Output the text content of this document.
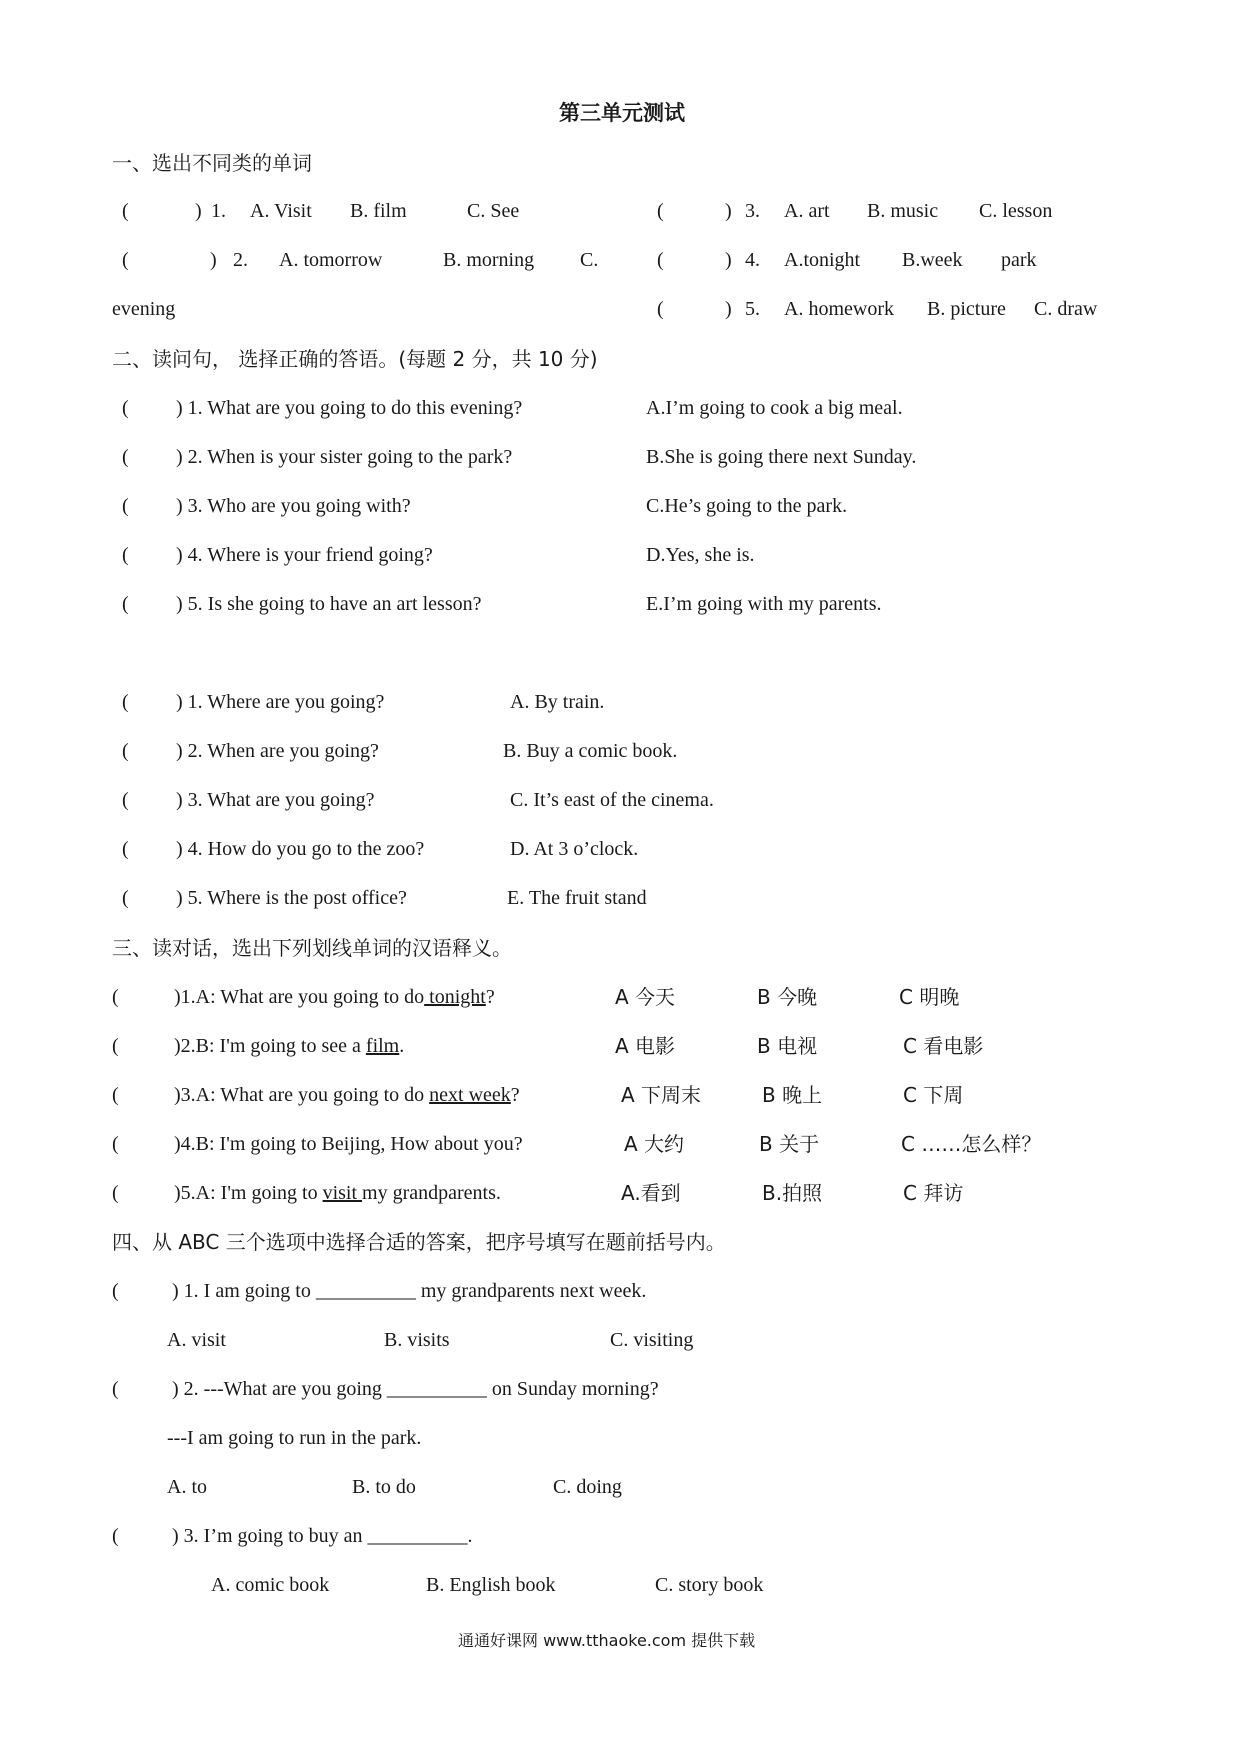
第三单元测试
一、选出不同类的单词
(	) 1. A. Visit B. film	C. See
(	) 2. A. tomorrow	B. morning C.
evening
(	) 3. A. art B. music C. lesson
(	) 4. A.tonight B.week park
(	) 5. A. homework B. picture C. draw
二、读问句， 选择正确的答语。(每题 2 分，共 10 分)
( ) 1. What are you going to do this evening?	A.I’m going to cook a big meal.
( ) 2. When is your sister going to the park?	B.She is going there next Sunday.
( ) 3. Who are you going with?	C.He’s going to the park.
( ) 4. Where is your friend going?	D.Yes, she is.
( ) 5. Is she going to have an art lesson?	E.I’m going with my parents.
( ) 1. Where are you going?	A. By train.
( ) 2. When are you going?	B. Buy a comic book.
( ) 3. What are you going?	C. It’s east of the cinema.
( ) 4. How do you go to the zoo?	D. At 3 o’clock.
( ) 5. Where is the post office?	E. The fruit stand
三、读对话，选出下列划线单词的汉语释义。
(	)1.A: What are you going to do tonight?	A 今天	B 今晚	C 明晚
(	)2.B: I'm going to see a film.	A 电影	B 电视	C 看电影
(	)3.A: What are you going to do next week?	A 下周末	B 晚上	C 下周
(	)4.B: I'm going to Beijing, How about you?	A 大约	B 关于	C ……怎么样？
(	)5.A: I'm going to visit my grandparents.	A.看到	B.拍照	C 拜访
四、从 ABC 三个选项中选择合适的答案，把序号填写在题前括号内。
(	) 1. I am going to __________ my grandparents next week.
A. visit	B. visits	C. visiting
(	) 2. ---What are you going __________ on Sunday morning?
---I am going to run in the park.
A. to	B. to do	C. doing
(	) 3. I’m going to buy an __________.
A. comic book	B. English book	C. story book
通通好课网 www.tthaoke.com 提供下载
